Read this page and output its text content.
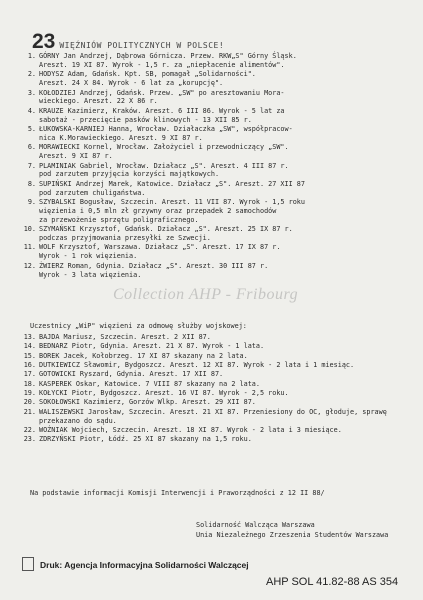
23 WIĘŹNIÓW POLITYCZNYCH W POLSCE!
1. GÓRNY Jan Andrzej, Dąbrowa Górnicza. Przew. RKW„S" Górny Śląsk.
Areszt. 19 XI 87. Wyrok - 1,5 r. za „niepłacenie alimentów".
2. HODYSZ Adam, Gdańsk. Kpt. SB, pomagał „Solidarności".
Areszt. 24 X 84. Wyrok - 6 lat za „korupcję".
3. KOŁODZIEJ Andrzej, Gdańsk. Przew. „SW" po aresztowaniu Mora-
wieckiego. Areszt. 22 X 86 r.
4. KRAUZE Kazimierz, Kraków. Areszt. 6 III 86. Wyrok - 5 lat za
sabotaż - przecięcie pasków klinowych - 13 XII 85 r.
5. ŁUKOWSKA-KARNIEJ Hanna, Wrocław. Działaczka „SW", współpracow-
nica K.Morawieckiego. Areszt. 9 XI 87 r.
6. MORAWIECKI Kornel, Wrocław. Założyciel i przewodniczący „SW".
Areszt. 9 XI 87 r.
7. PLAMINIAK Gabriel, Wrocław. Działacz „S". Areszt. 4 III 87 r.
pod zarzutem przyjęcia korzyści majątkowych.
8. SUPIŃSKI Andrzej Marek, Katowice. Działacz „S". Areszt. 27 XII 87
pod zarzutem chuligaństwa.
9. SZYBALSKI Bogusław, Szczecin. Areszt. 11 VII 87. Wyrok - 1,5 roku
więzienia i 0,5 mln zł grzywny oraz przepadek 2 samochodów
za przewożenie sprzętu poligraficznego.
10. SZYMAŃSKI Krzysztof, Gdańsk. Działacz „S". Areszt. 25 IX 87 r.
podczas przyjmowania przesyłki ze Szwecji.
11. WOLF Krzysztof, Warszawa. Działacz „S". Areszt. 17 IX 87 r.
Wyrok - 1 rok więzienia.
12. ŻWIERZ Roman, Gdynia. Działacz „S". Areszt. 30 III 87 r.
Wyrok - 3 lata więzienia.
Collection AHP - Fribourg
Uczestnicy „WiP" więzieni za odmowę służby wojskowej:
13. BAJDA Mariusz, Szczecin. Areszt. 2 XII 87.
14. BEDNARZ Piotr, Gdynia. Areszt. 21 X 87. Wyrok - 1 lata.
15. BOREK Jacek, Kołobrzeg. 17 XI 87 skazany na 2 lata.
16. DUTKIEWICZ Sławomir, Bydgoszcz. Areszt. 12 XI 87. Wyrok - 2 lata i 1 miesiąc.
17. GOTOWICKI Ryszard, Gdynia. Areszt. 17 XII 87.
18. KASPEREK Oskar, Katowice. 7 VIII 87 skazany na 2 lata.
19. KOŁYCKI Piotr, Bydgoszcz. Areszt. 16 VI 87. Wyrok - 2,5 roku.
20. SOKOŁOWSKI Kazimierz, Gorzów Wlkp. Areszt. 29 XII 87.
21. WALISZEWSKI Jarosław, Szczecin. Areszt. 21 XI 87. Przeniesiony do OC, głoduje, sprawę przekazano do sądu.
22. WOŹNIAK Wojciech, Szczecin. Areszt. 18 XI 87. Wyrok - 2 lata i 3 miesiące.
23. ZDRZYŃSKI Piotr, Łódź. 25 XI 87 skazany na 1,5 roku.
Na podstawie informacji Komisji Interwencji i Praworządności z 12 II 88/
Solidarność Walcząca Warszawa
Unia Niezależnego Zrzeszenia Studentów Warszawa
Druk: Agencja Informacyjna Solidarności Walczącej
AHP SOL 41.82-88 AS 354
